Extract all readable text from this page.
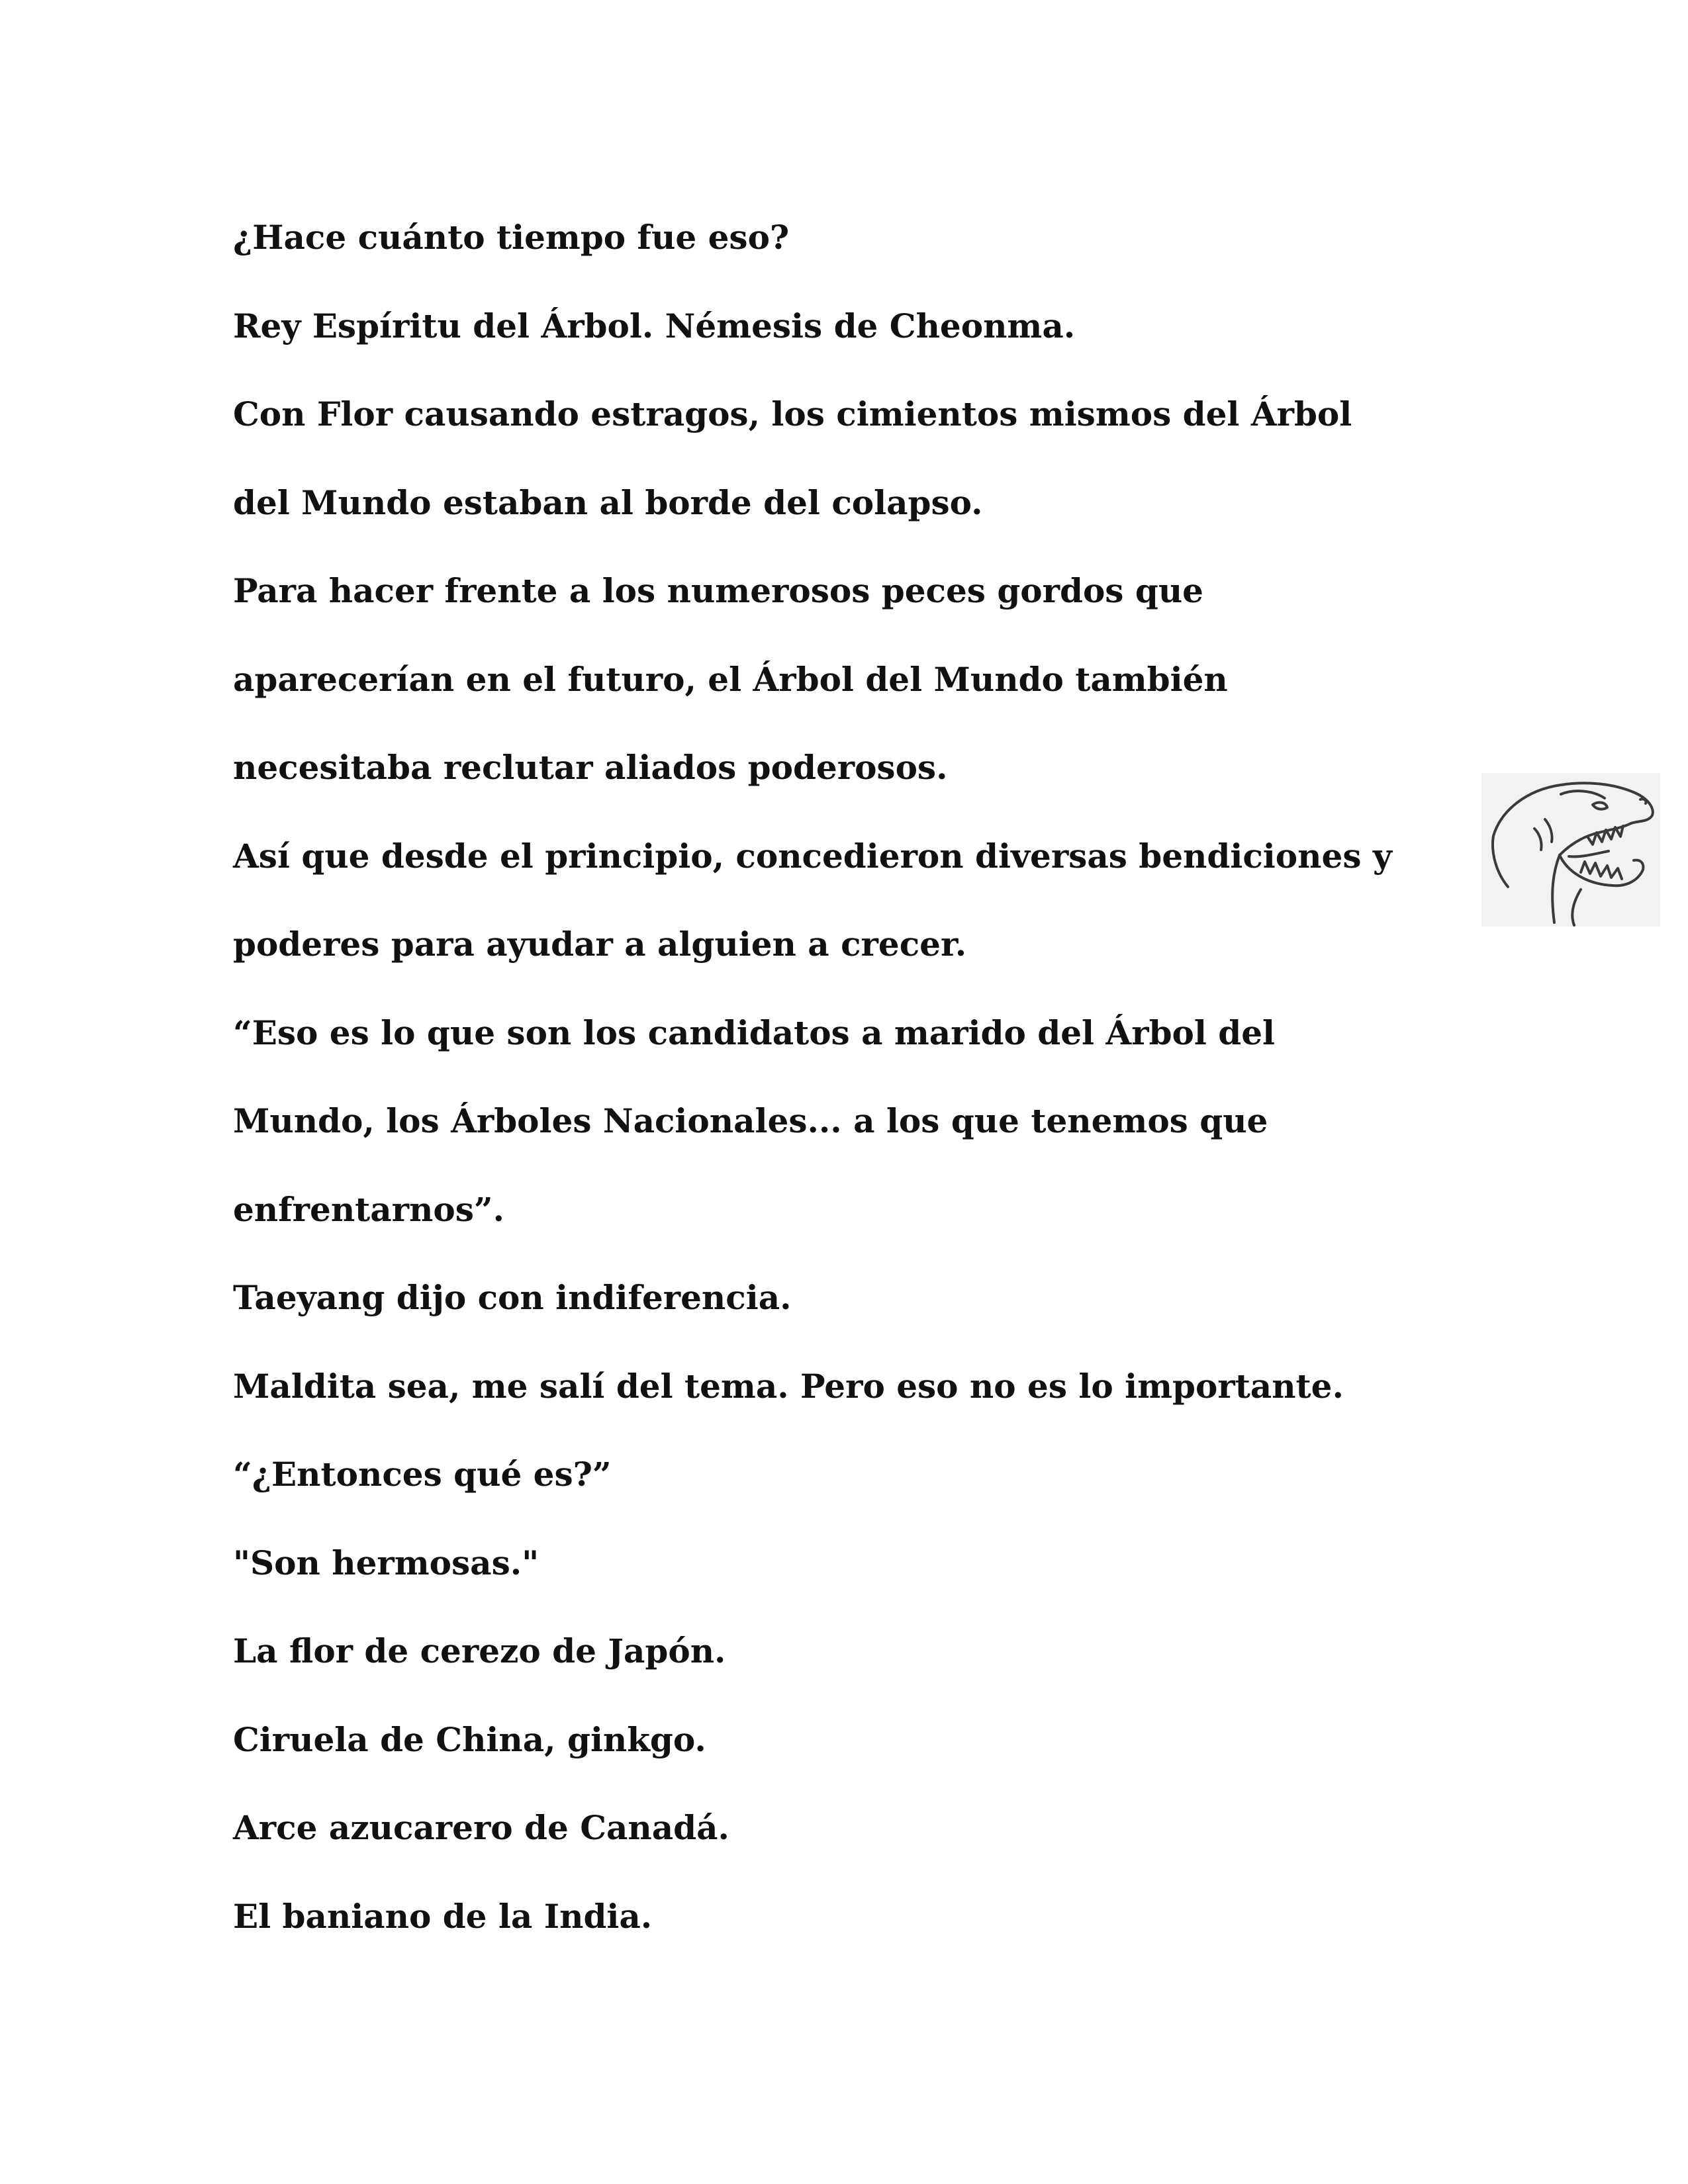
¿Hace cuánto tiempo fue eso?
Rey Espíritu del Árbol. Némesis de Cheonma.
Con Flor causando estragos, los cimientos mismos del Árbol
del Mundo estaban al borde del colapso.
Para hacer frente a los numerosos peces gordos que
aparecerían en el futuro, el Árbol del Mundo también
necesitaba reclutar aliados poderosos.
Así que desde el principio, concedieron diversas bendiciones y
poderes para ayudar a alguien a crecer.
“Eso es lo que son los candidatos a marido del Árbol del
Mundo, los Árboles Nacionales... a los que tenemos que
enfrentarnos”.
Taeyang dijo con indiferencia.
Maldita sea, me salí del tema. Pero eso no es lo importante.
“¿Entonces qué es?”
"Son hermosas."
La flor de cerezo de Japón.
Ciruela de China, ginkgo.
Arce azucarero de Canadá.
El baniano de la India.
